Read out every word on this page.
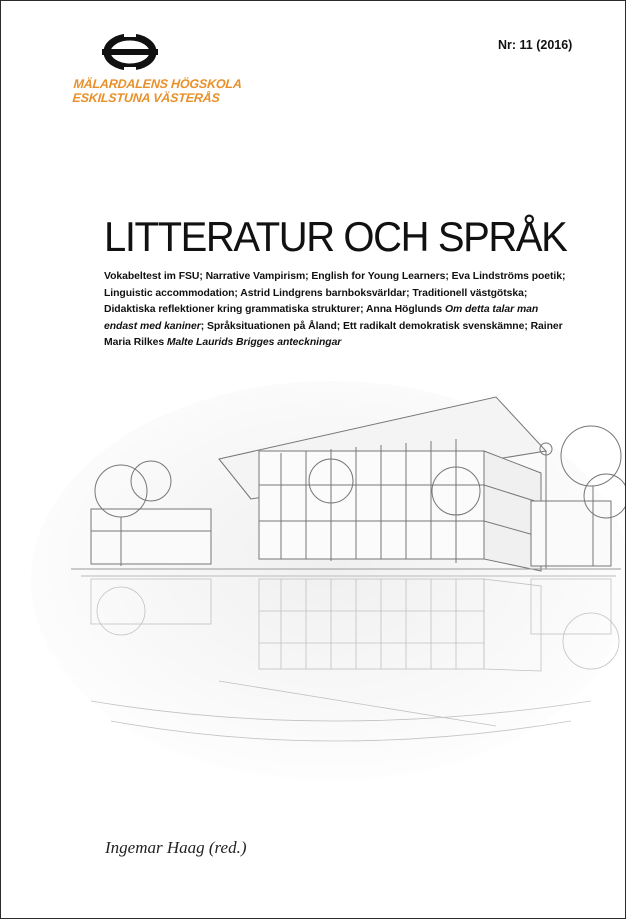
MÄLARDALENS HÖGSKOLA
ESKILSTUNA VÄSTERÅS
Nr: 11 (2016)
LITTERATUR OCH SPRÅK
Vokabeltest im FSU; Narrative Vampirism; English for Young Learners; Eva Lindströms poetik; Linguistic accommodation; Astrid Lindgrens barnboksvärldar; Traditionell västgötska; Didaktiska reflektioner kring grammatiska strukturer; Anna Höglunds Om detta talar man endast med kaniner; Språksituationen på Åland; Ett radikalt demokratisk svenskämne; Rainer Maria Rilkes Malte Laurids Brigges anteckningar
Ingemar Haag (red.)
